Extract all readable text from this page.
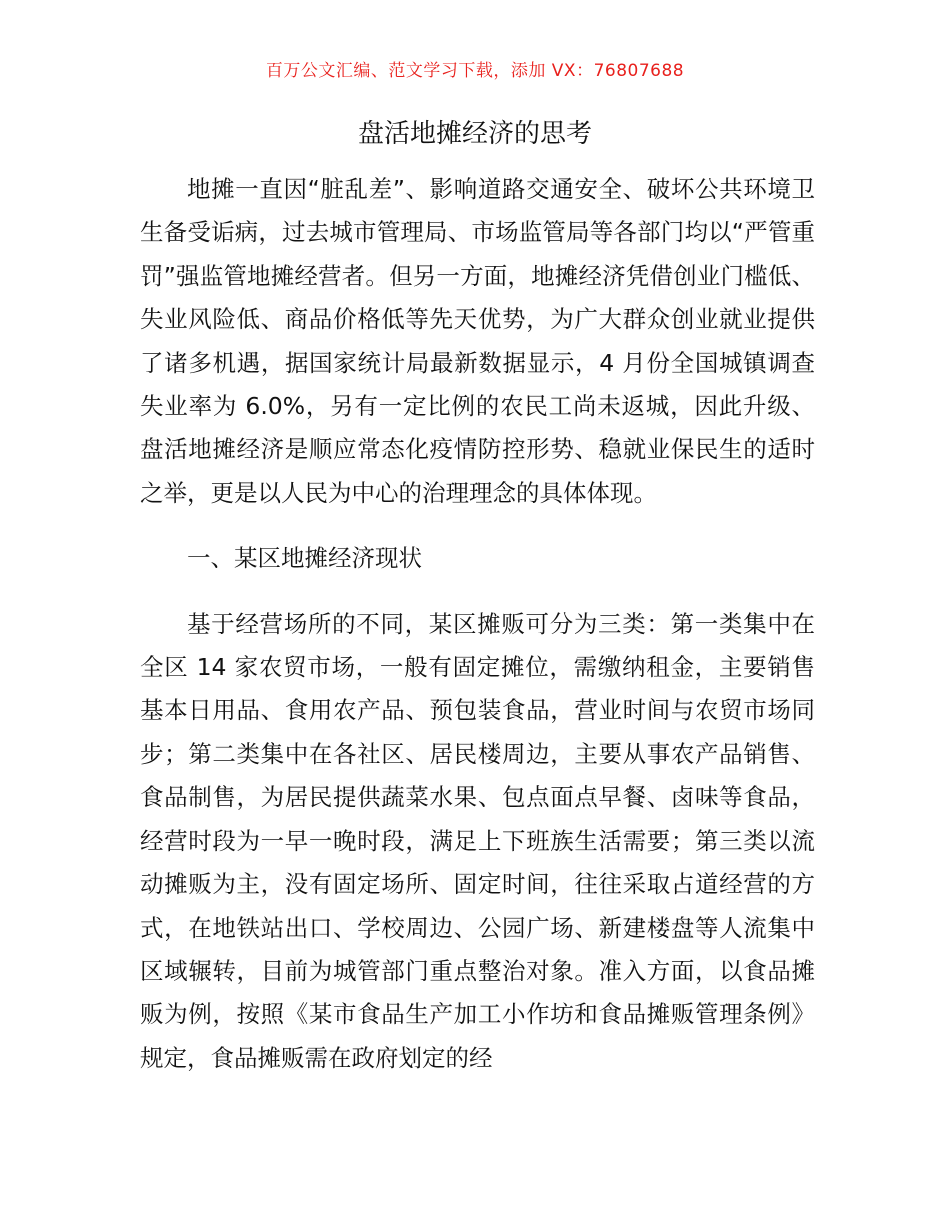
百万公文汇编、范文学习下载，添加 VX：76807688
盘活地摊经济的思考

地摊一直因“脏乱差”、影响道路交通安全、破坏公共环境卫生备受诟病，过去城市管理局、市场监管局等各部门均以“严管重罚”强监管地摊经营者。但另一方面，地摊经济凭借创业门槛低、失业风险低、商品价格低等先天优势，为广大群众创业就业提供了诸多机遇，据国家统计局最新数据显示，4 月份全国城镇调查失业率为 6.0%，另有一定比例的农民工尚未返城，因此升级、盘活地摊经济是顺应常态化疫情防控形势、稳就业保民生的适时之举，更是以人民为中心的治理理念的具体体现。

一、某区地摊经济现状

基于经营场所的不同，某区摊贩可分为三类：第一类集中在全区 14 家农贸市场，一般有固定摊位，需缴纳租金，主要销售基本日用品、食用农产品、预包装食品，营业时间与农贸市场同步；第二类集中在各社区、居民楼周边，主要从事农产品销售、食品制售，为居民提供蔬菜水果、包点面点早餐、卤味等食品，经营时段为一早一晚时段，满足上下班族生活需要；第三类以流动摊贩为主，没有固定场所、固定时间，往往采取占道经营的方式，在地铁站出口、学校周边、公园广场、新建楼盘等人流集中区域辗转，目前为城管部门重点整治对象。准入方面，以食品摊贩为例，按照《某市食品生产加工小作坊和食品摊贩管理条例》规定，食品摊贩需在政府划定的经
